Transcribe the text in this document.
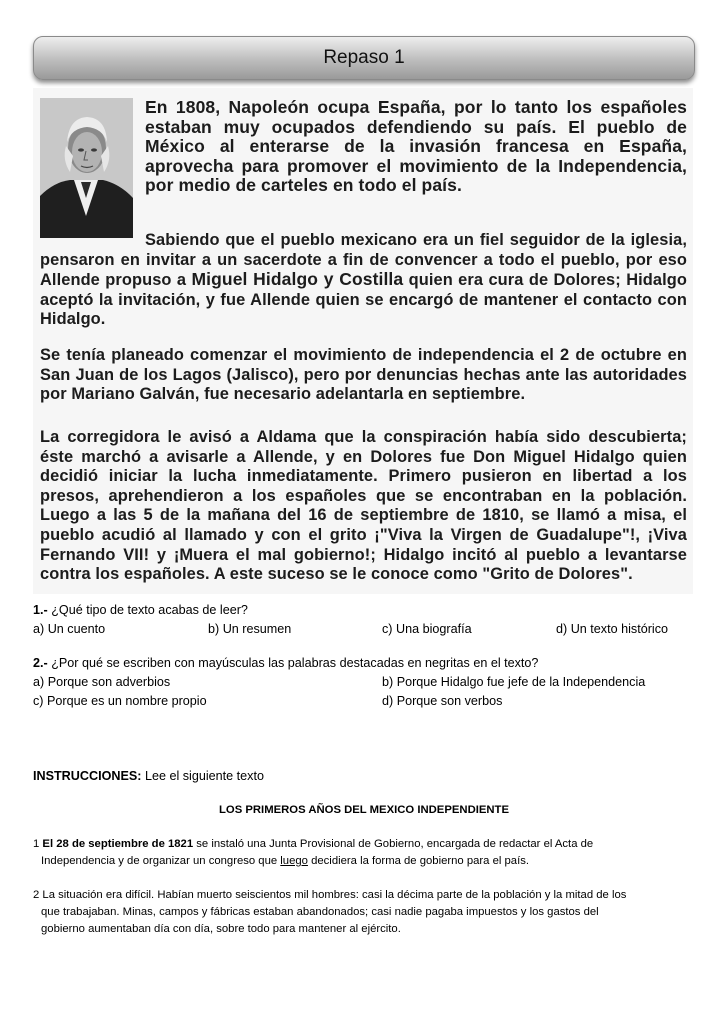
Repaso 1

En 1808, Napoleón ocupa España, por lo tanto los españoles estaban muy ocupados defendiendo su país. El pueblo de México al enterarse de la invasión francesa en España, aprovecha para promover el movimiento de la Independencia, por medio de carteles en todo el país.

Sabiendo que el pueblo mexicano era un fiel seguidor de la iglesia, pensaron en invitar a un sacerdote a fin de convencer a todo el pueblo, por eso Allende propuso a Miguel Hidalgo y Costilla quien era cura de Dolores; Hidalgo aceptó la invitación, y fue Allende quien se encargó de mantener el contacto con Hidalgo.

Se tenía planeado comenzar el movimiento de independencia el 2 de octubre en San Juan de los Lagos (Jalisco), pero por denuncias hechas ante las autoridades por Mariano Galván, fue necesario adelantarla en septiembre.

La corregidora le avisó a Aldama que la conspiración había sido descubierta; éste marchó a avisarle a Allende, y en Dolores fue Don Miguel Hidalgo quien decidió iniciar la lucha inmediatamente. Primero pusieron en libertad a los presos, aprehendieron a los españoles que se encontraban en la población. Luego a las 5 de la mañana del 16 de septiembre de 1810, se llamó a misa, el pueblo acudió al llamado y con el grito ¡"Viva la Virgen de Guadalupe"!, ¡Viva Fernando VII! y ¡Muera el mal gobierno!; Hidalgo incitó al pueblo a levantarse contra los españoles. A este suceso se le conoce como "Grito de Dolores".

1.- ¿Qué tipo de texto acabas de leer?
a) Un cuento	b) Un resumen	c) Una biografía	d) Un texto histórico
2.- ¿Por qué se escriben con mayúsculas las palabras destacadas en negritas en el texto?
a) Porque son adverbios	b) Porque Hidalgo fue jefe de la Independencia
c) Porque es un nombre propio	d) Porque son verbos
INSTRUCCIONES: Lee el siguiente texto
LOS PRIMEROS AÑOS DEL MEXICO INDEPENDIENTE
1 El 28 de septiembre de 1821 se instaló una Junta Provisional de Gobierno, encargada de redactar el Acta de
Independencia y de organizar un congreso que luego decidiera la forma de gobierno para el país.
2 La situación era difícil. Habían muerto seiscientos mil hombres: casi la décima parte de la población y la mitad de los
que trabajaban. Minas, campos y fábricas estaban abandonados; casi nadie pagaba impuestos y los gastos del
gobierno aumentaban día con día, sobre todo para mantener al ejército.
